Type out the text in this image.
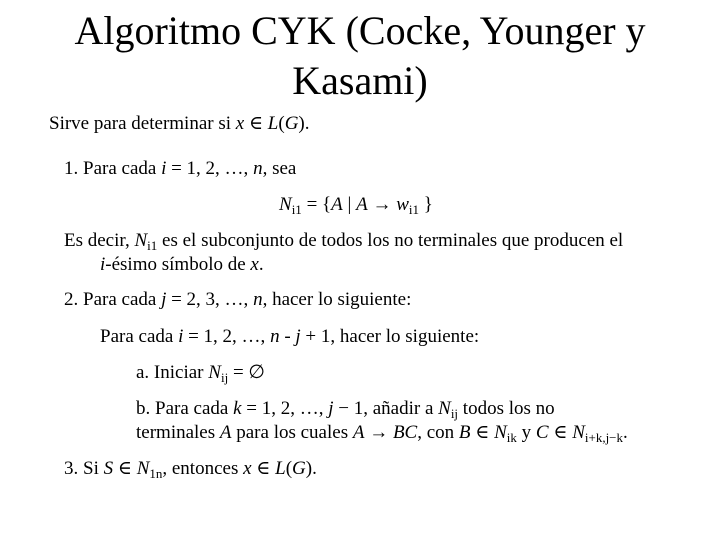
Algoritmo CYK (Cocke, Younger y
Kasami)
Sirve para determinar si x ∈ L(G).
1. Para cada i = 1, 2, …, n, sea
$N_{i1} = \{A$ | $A \to w_{i1}$ }
Es decir, $N_{i1}$ es el subconjunto de todos los no terminales que producen el
i-ésimo símbolo de x.
2. Para cada j = 2, 3, …, n, hacer lo siguiente:
Para cada i = 1, 2, …, n - j + 1, hacer lo siguiente:
a. Iniciar $N_{ij}$ = ∅
b. Para cada k = 1, 2, …, j − 1, añadir a $N_{ij}$ todos los no
terminales A para los cuales A → BC, con B ∈ $N_{ik}$ y C ∈ $N_{i+k,j-k}$.
3. Si S ∈ $N_{1n}$, entonces x ∈ L(G).
